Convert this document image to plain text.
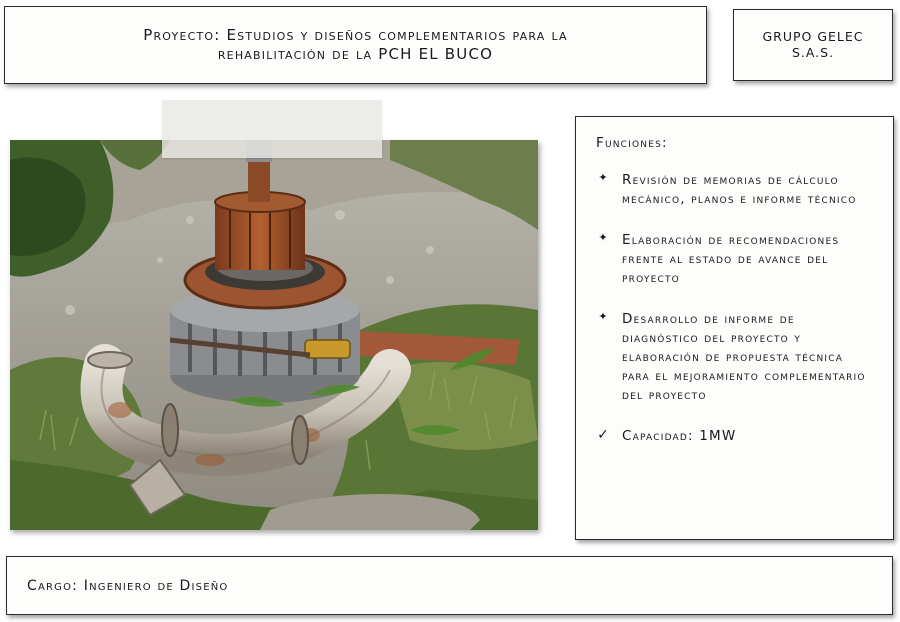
Proyecto: Estudios y diseños complementarios para la
rehabilitación de la PCH EL BUCO
GRUPO GELEC
S.A.S.
Funciones:
✦ Revisión de memorias de cálculo mecánico, planos e informe técnico
✦ Elaboración de recomendaciones frente al estado de avance del proyecto
✦ Desarrollo de informe de diagnóstico del proyecto y elaboración de propuesta técnica para el mejoramiento complementario del proyecto
✓ Capacidad: 1MW
Cargo: Ingeniero de Diseño
